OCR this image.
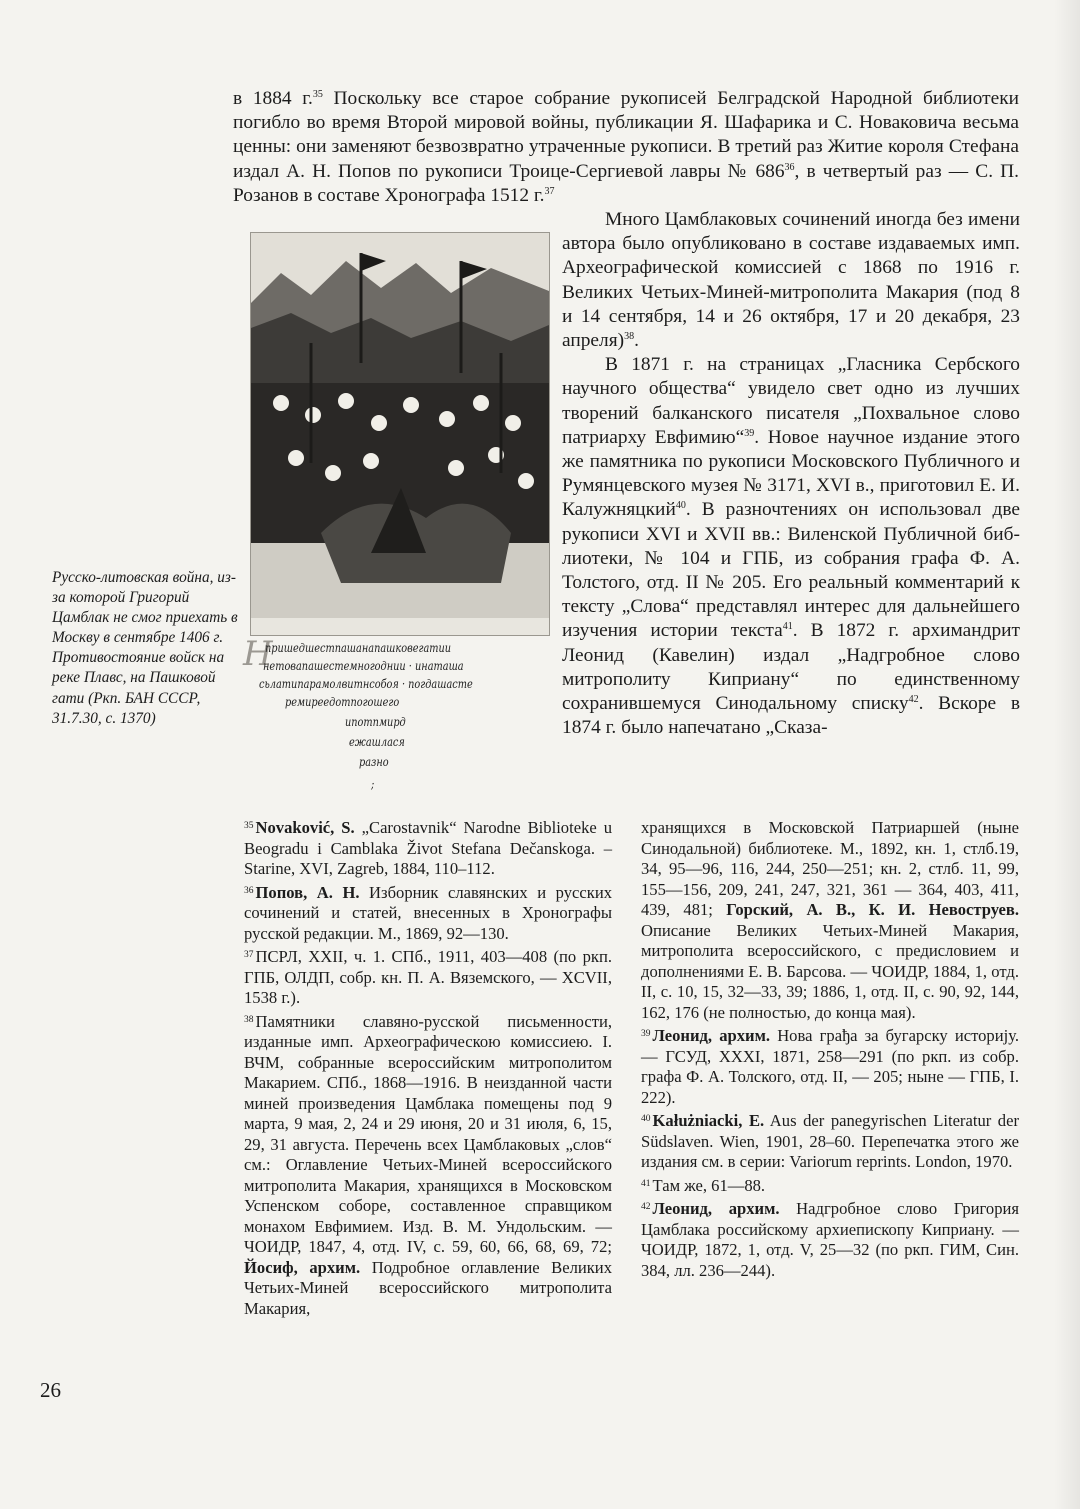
в 1884 г.$^{35}$ Поскольку все старое собрание рукописей Белградской Народной библиотеки погибло во время Второй мировой войны, публикации Я. Шафарика и С. Новаковича весьма ценны: они заменяют безвозвратно утраченные рукописи. В третий раз Житие короля Стефана издал А. Н. Попов по рукописи Троице-Сергиевой лавры № $686^{36}$, в четвертый раз — С. П. Розанов в составе Хронографа 1512 г.$^{37}$

Много Цамблаковых сочинений иногда без имени автора было опубликовано в составе издаваемых имп. Археографической комиссией с 1868 по 1916 г. Великих Четьих-Миней-митрополита Макария (под 8 и 14 сентября, 14 и 26 октября, 17 и 20 декабря, 23 апреля)$^{38}$.

В 1871 г. на страницах „Гласника Сербского научного общества“ увидело свет одно из лучших творений балканского писателя „Похвальное слово патриарху Евфимию“$^{39}$. Новое научное издание этого же памятника по рукописи Московского Публичного и Румянцевского музея № 3171, XVI в., приготовил Е. И. Калужняцкий$^{40}$. В разночтениях он использовал две рукописи XVI и XVII вв.: Виленской Публичной библиотеки, № 104 и ГПБ, из собрания графа Ф. А. Толстого, отд. II № 205. Его реальный комментарий к тексту „Слова“ представлял интерес для дальнейшего изучения истории текста$^{41}$. В 1872 г. архимандрит Леонид (Кавелин) издал „Надгробное слово митрополиту Киприану“ по единственному сохранившемуся Синодальному списку$^{42}$. Вскоре в 1874 г. было напечатано „Сказа-

Н
пришедшестпашанапашковегатии
нетовапашестемногоднии · инаташа
сьлатипарамолвитнсобоя · погдашасте
ремиреедотпогошего
ипотпмирд
ежашлася
разно
;

Русско-литовская война, из-за которой Григорий Цамблак не смог приехать в Москву в сентябре 1406 г. Противостояние войск на реке Плавс, на Пашковой гати (Ркп. БАН СССР, 31.7.30, с. 1370)

$^{35}$ Novaković, S. „Carostavnik“ Narodne Biblioteke u Beogradu i Camblaka Život Stefana Dečanskoga. – Starine, XVI, Zagreb, 1884, 110–112.

$^{36}$ Попов, А. Н. Изборник славянских и русских сочинений и статей, внесенных в Хронографы русской редакции. М., 1869, 92—130.

$^{37}$ ПСРЛ, XXII, ч. 1. СПб., 1911, 403—408 (по ркп. ГПБ, ОЛДП, собр. кн. П. А. Вяземского, — XCVII, 1538 г.).

$^{38}$ Памятники славяно-русской письменности, изданные имп. Археографическою комиссиею. I. ВЧМ, собранные всероссийским митрополитом Макарием. СПб., 1868—1916. В неизданной части миней произведения Цамблака помещены под 9 марта, 9 мая, 2, 24 и 29 июня, 20 и 31 июля, 6, 15, 29, 31 августа. Перечень всех Цамблаковых „слов“ см.: Оглавление Четьих-Миней всероссийского митрополита Макария, хранящихся в Московском Успенском соборе, составленное справщиком монахом Евфимием. Изд. В. М. Ундольским. — ЧОИДР, 1847, 4, отд. IV, с. 59, 60, 66, 68, 69, 72; Йосиф, архим. Подробное оглавление Великих Четьих-Миней всероссийского митрополита Макария,

хранящихся в Московской Патриаршей (ныне Синодальной) библиотеке. М., 1892, кн. 1, стлб.19, 34, 95—96, 116, 244, 250—251; кн. 2, стлб. 11, 99, 155—156, 209, 241, 247, 321, 361 — 364, 403, 411, 439, 481; Горский, А. В., К. И. Невоструев. Описание Великих Четьих-Миней Макария, митрополита всероссийского, с предисловием и дополнениями Е. В. Барсова. — ЧОИДР, 1884, 1, отд. II, с. 10, 15, 32—33, 39; 1886, 1, отд. II, с. 90, 92, 144, 162, 176 (не полностью, до конца мая).

$^{39}$ Леонид, архим. Нова грађа за бугарску историју. — ГСУД, XXXI, 1871, 258—291 (по ркп. из собр. графа Ф. А. Толского, отд. II, — 205; ныне — ГПБ, I. 222).

$^{40}$ Kałużniacki, E. Aus der panegyrischen Literatur der Südslaven. Wien, 1901, 28–60. Перепечатка этого же издания см. в серии: Variorum reprints. London, 1970.

$^{41}$ Там же, 61—88.

$^{42}$ Леонид, архим. Надгробное слово Григория Цамблака российскому архиепископу Киприану. — ЧОИДР, 1872, 1, отд. V, 25—32 (по ркп. ГИМ, Син. 384, лл. 236—244).

26
